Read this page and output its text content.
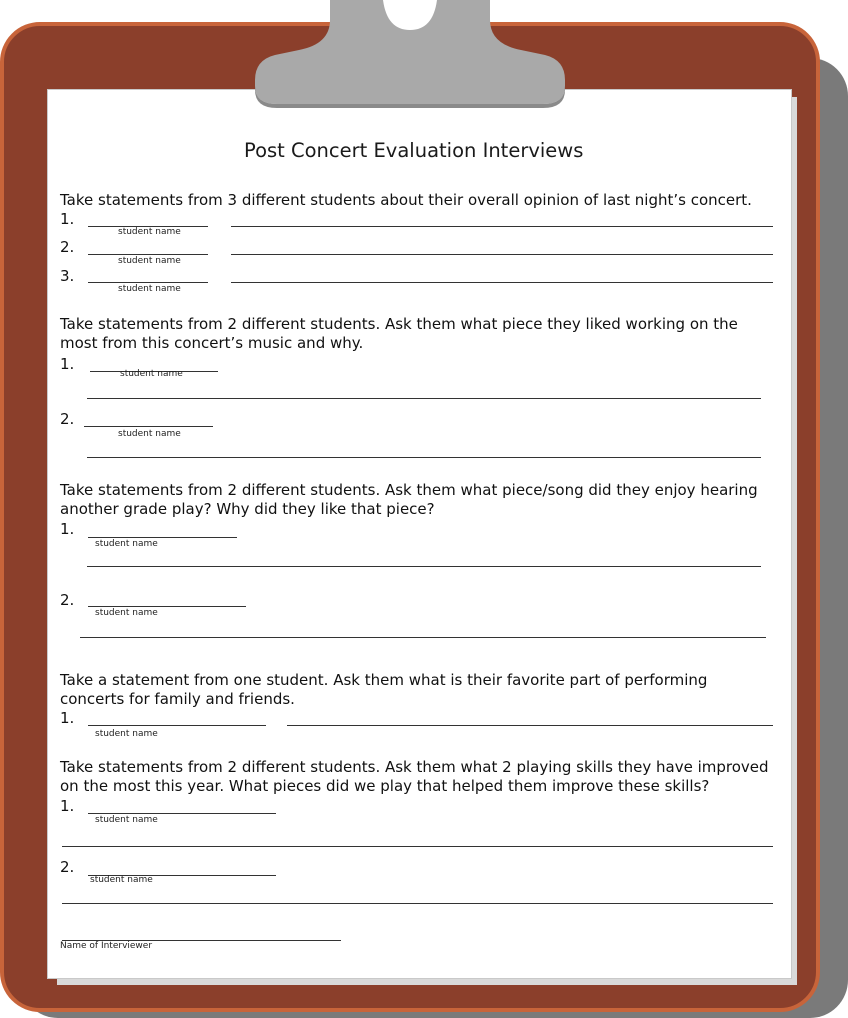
Post Concert Evaluation Interviews
Take statements from 3 different students about their overall opinion of last night’s concert.
1.
student name
2.
student name
3.
student name
Take statements from 2 different students. Ask them what piece they liked working on the
most from this concert’s music and why.
1.
student name
2.
student name
Take statements from 2 different students. Ask them what piece/song did they enjoy hearing
another grade play? Why did they like that piece?
1.
student name
2.
student name
Take a statement from one student. Ask them what is their favorite part of performing
concerts for family and friends.
1.
student name
Take statements from 2 different students. Ask them what 2 playing skills they have improved
on the most this year. What pieces did we play that helped them improve these skills?
1.
student name
2.
student name
Name of Interviewer
